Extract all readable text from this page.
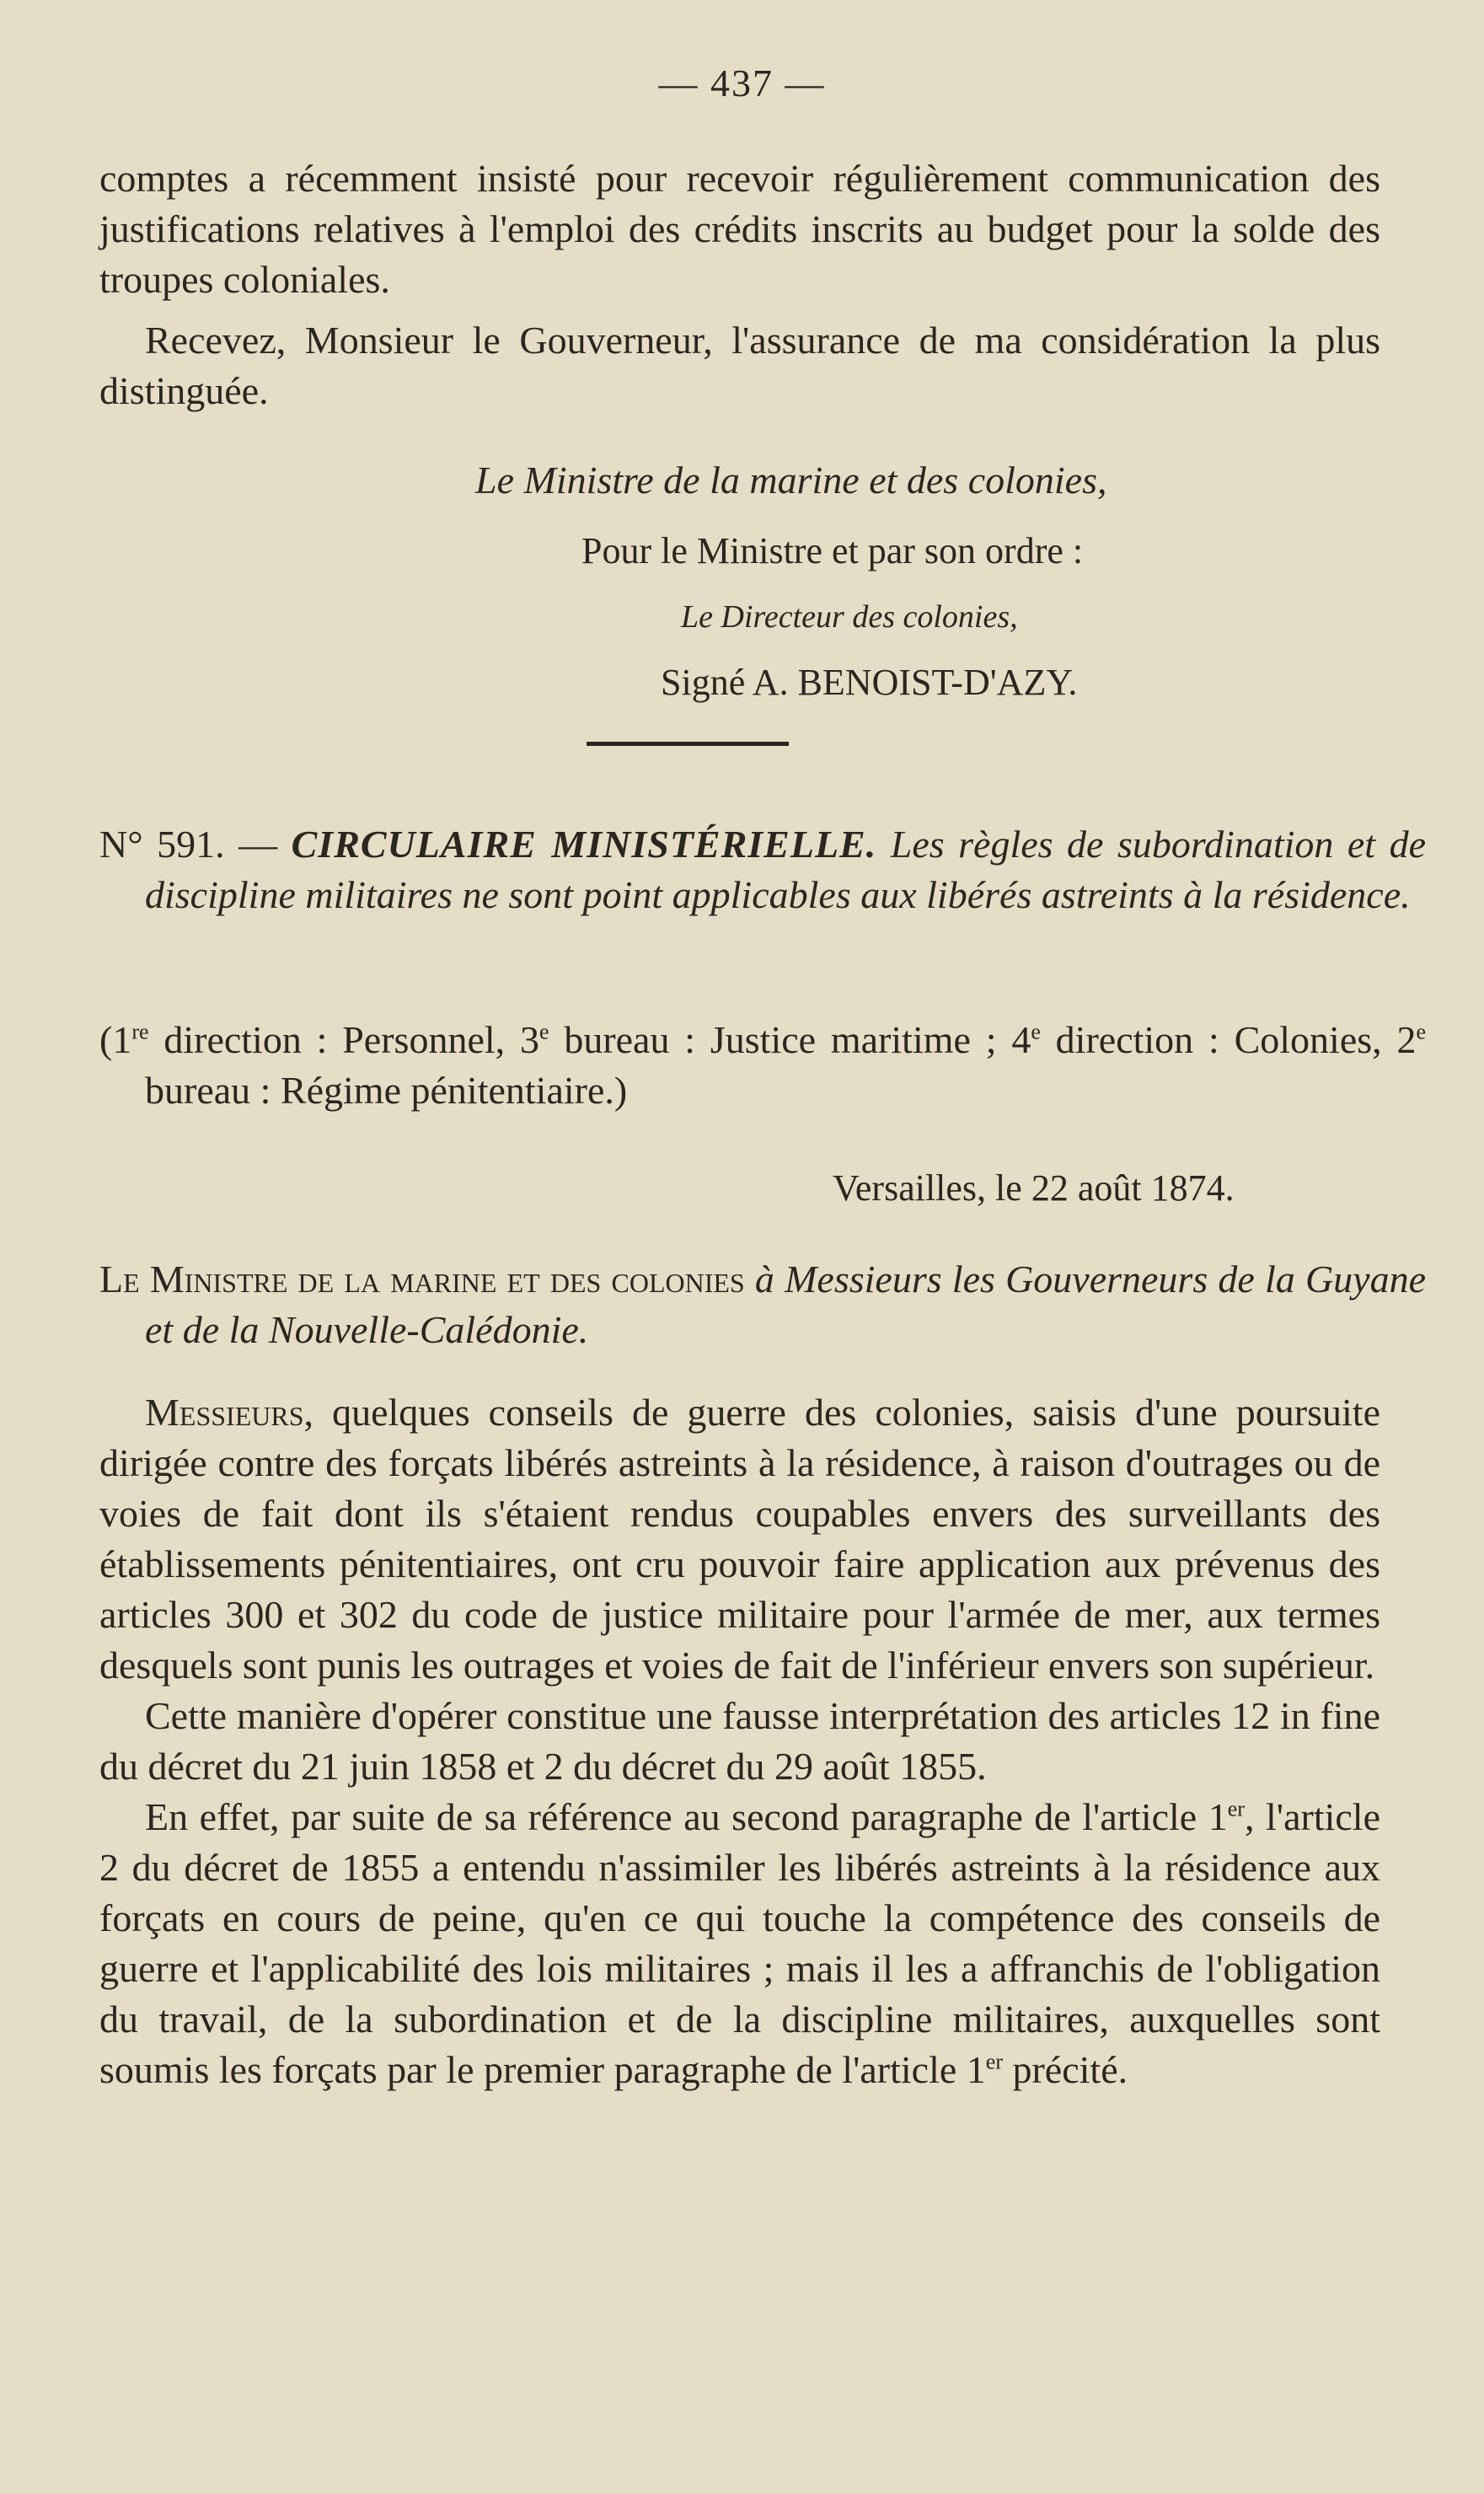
— 437 —

comptes a récemment insisté pour recevoir régulièrement communication des justifications relatives à l'emploi des crédits inscrits au budget pour la solde des troupes coloniales.

Recevez, Monsieur le Gouverneur, l'assurance de ma considération la plus distinguée.

Le Ministre de la marine et des colonies,
Pour le Ministre et par son ordre :
Le Directeur des colonies,
Signé A. BENOIST-D'AZY.
N° 591. — CIRCULAIRE MINISTÉRIELLE. Les règles de subordination et de discipline militaires ne sont point applicables aux libérés astreints à la résidence.
(1re direction : Personnel, 3e bureau : Justice maritime ; 4e direction : Colonies, 2e bureau : Régime pénitentiaire.)
Versailles, le 22 août 1874.
Le Ministre de la marine et des colonies à Messieurs les Gouverneurs de la Guyane et de la Nouvelle-Calédonie.

Messieurs, quelques conseils de guerre des colonies, saisis d'une poursuite dirigée contre des forçats libérés astreints à la résidence, à raison d'outrages ou de voies de fait dont ils s'étaient rendus coupables envers des surveillants des établissements pénitentiaires, ont cru pouvoir faire application aux prévenus des articles 300 et 302 du code de justice militaire pour l'armée de mer, aux termes desquels sont punis les outrages et voies de fait de l'inférieur envers son supérieur.

Cette manière d'opérer constitue une fausse interprétation des articles 12 in fine du décret du 21 juin 1858 et 2 du décret du 29 août 1855.

En effet, par suite de sa référence au second paragraphe de l'article 1er, l'article 2 du décret de 1855 a entendu n'assimiler les libérés astreints à la résidence aux forçats en cours de peine, qu'en ce qui touche la compétence des conseils de guerre et l'applicabilité des lois militaires ; mais il les a affranchis de l'obligation du travail, de la subordination et de la discipline militaires, auxquelles sont soumis les forçats par le premier paragraphe de l'article 1er précité.
